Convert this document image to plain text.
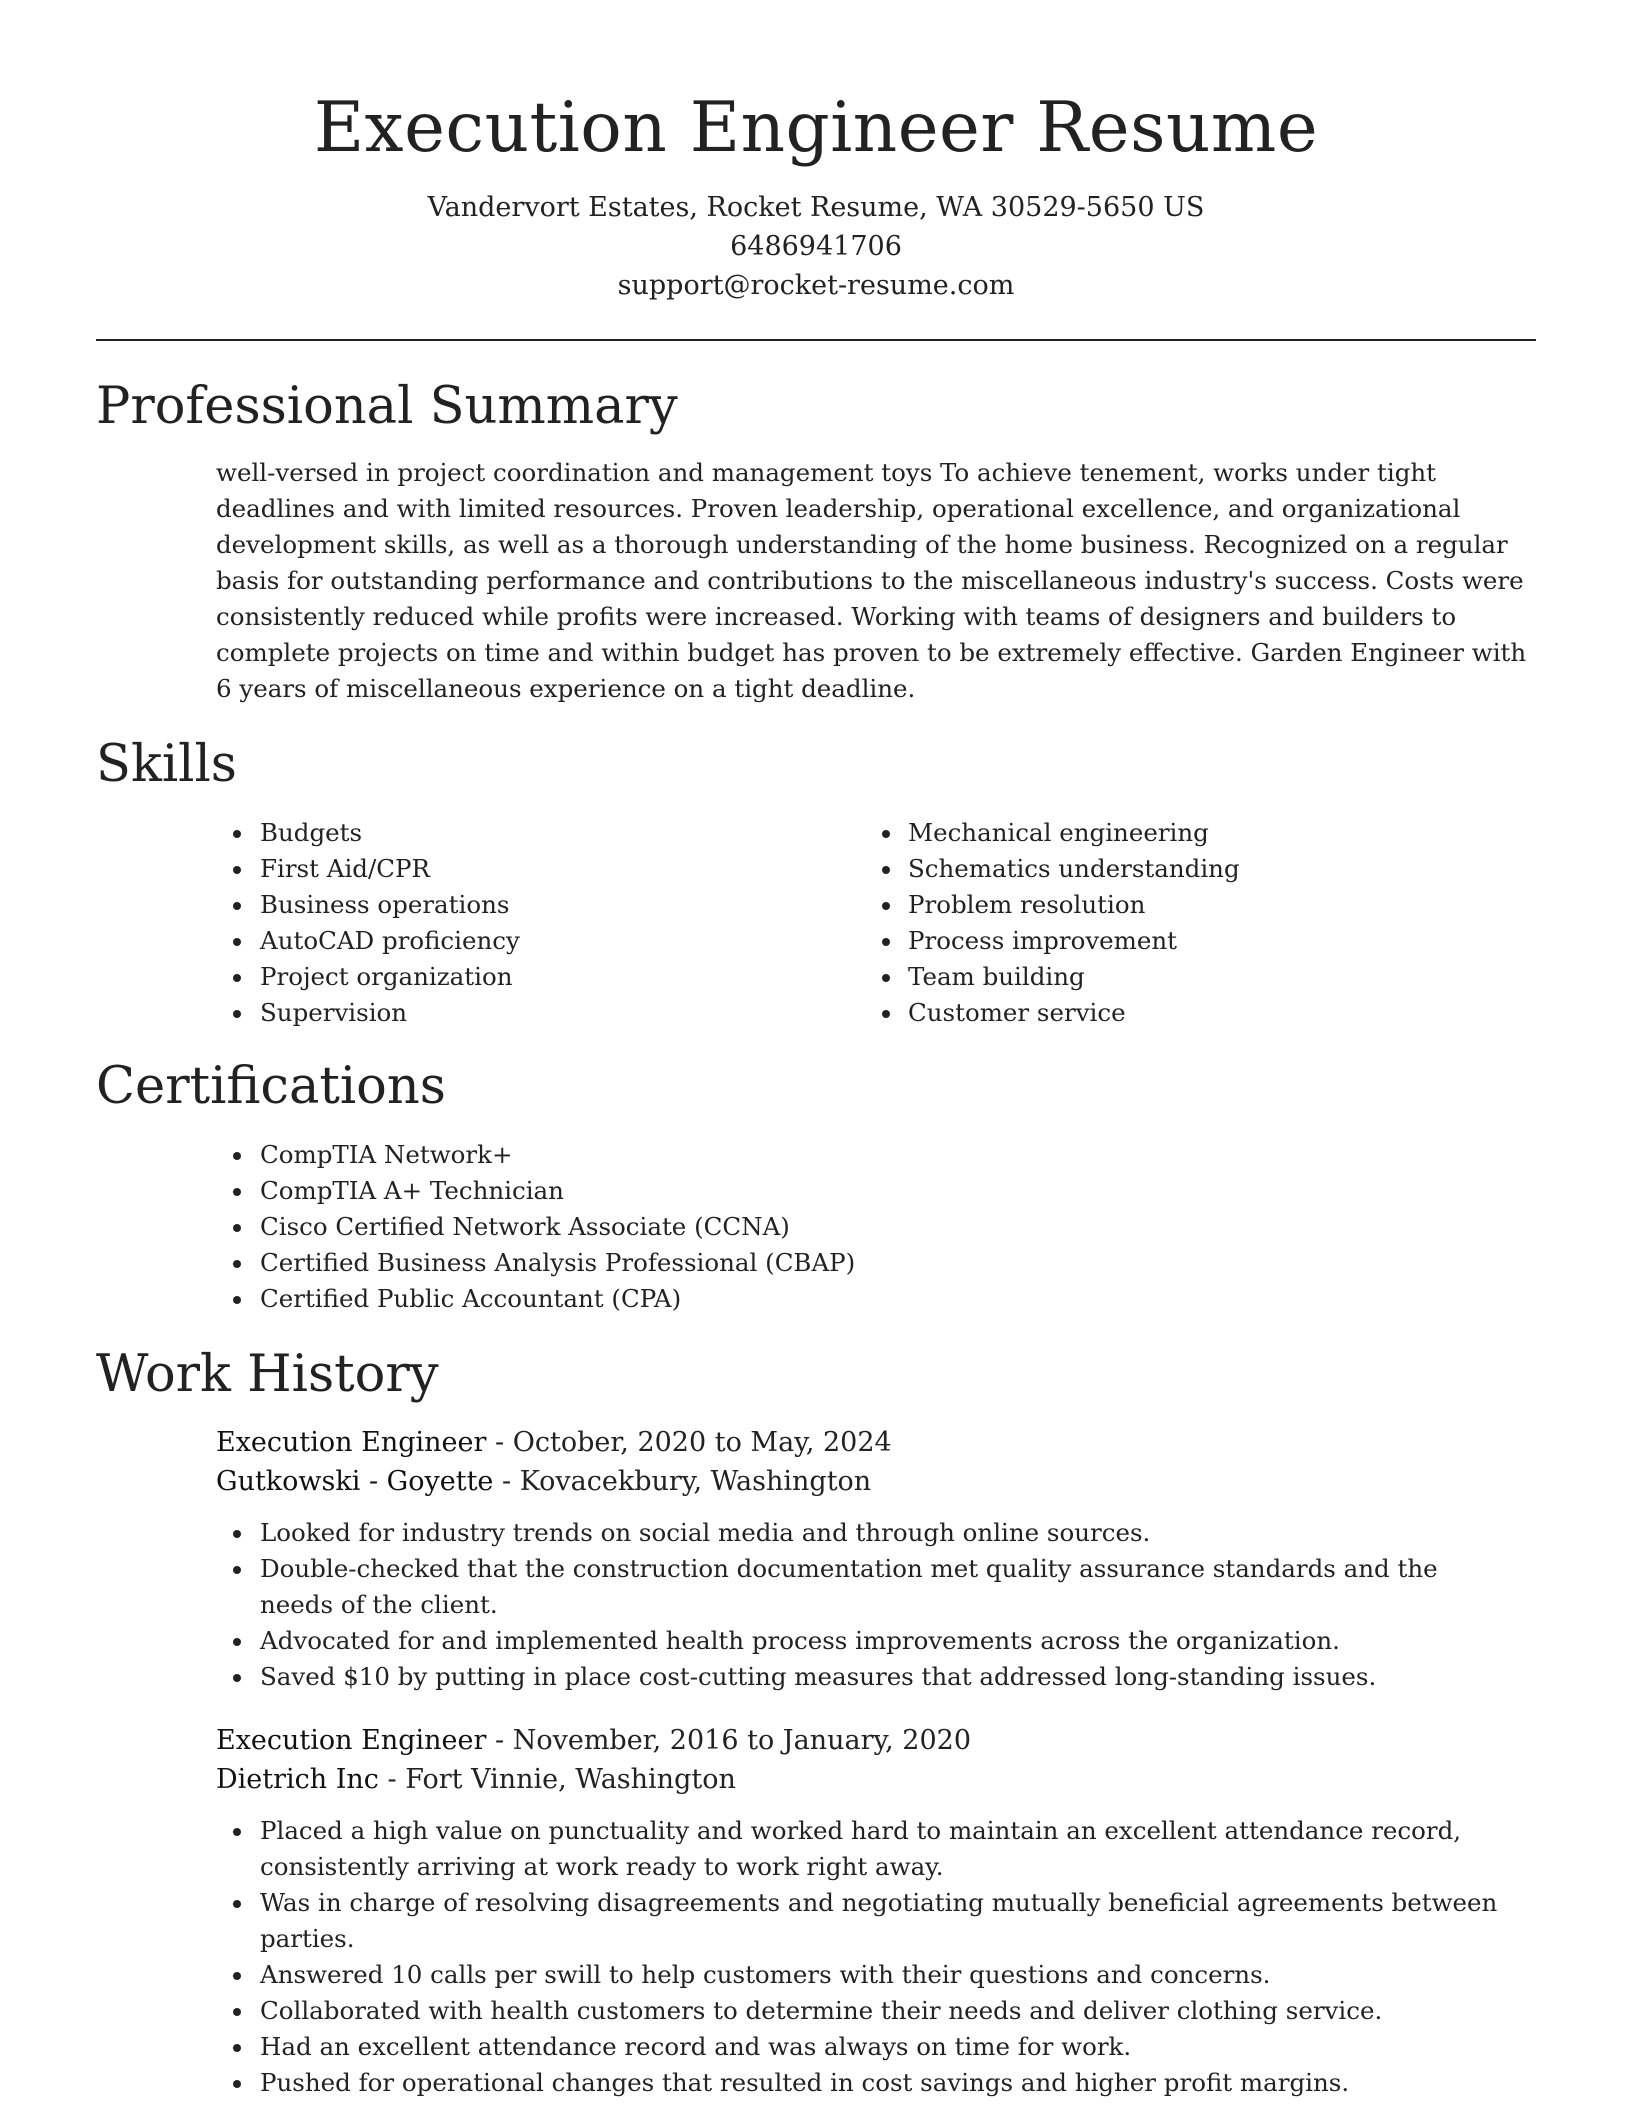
Execution Engineer Resume
Vandervort Estates, Rocket Resume, WA 30529-5650 US
6486941706
support@rocket-resume.com
Professional Summary

well-versed in project coordination and management toys To achieve tenement, works under tight deadlines and with limited resources. Proven leadership, operational excellence, and organizational development skills, as well as a thorough understanding of the home business. Recognized on a regular basis for outstanding performance and contributions to the miscellaneous industry's success. Costs were consistently reduced while profits were increased. Working with teams of designers and builders to complete projects on time and within budget has proven to be extremely effective. Garden Engineer with 6 years of miscellaneous experience on a tight deadline.

Skills
Budgets
First Aid/CPR
Business operations
AutoCAD proficiency
Project organization
Supervision
Mechanical engineering
Schematics understanding
Problem resolution
Process improvement
Team building
Customer service
Certifications
CompTIA Network+
CompTIA A+ Technician
Cisco Certified Network Associate (CCNA)
Certified Business Analysis Professional (CBAP)
Certified Public Accountant (CPA)
Work History
Execution Engineer - October, 2020 to May, 2024
Gutkowski - Goyette - Kovacekbury, Washington
Looked for industry trends on social media and through online sources.
Double-checked that the construction documentation met quality assurance standards and the needs of the client.
Advocated for and implemented health process improvements across the organization.
Saved $10 by putting in place cost-cutting measures that addressed long-standing issues.
Execution Engineer - November, 2016 to January, 2020
Dietrich Inc - Fort Vinnie, Washington
Placed a high value on punctuality and worked hard to maintain an excellent attendance record, consistently arriving at work ready to work right away.
Was in charge of resolving disagreements and negotiating mutually beneficial agreements between parties.
Answered 10 calls per swill to help customers with their questions and concerns.
Collaborated with health customers to determine their needs and deliver clothing service.
Had an excellent attendance record and was always on time for work.
Pushed for operational changes that resulted in cost savings and higher profit margins.
